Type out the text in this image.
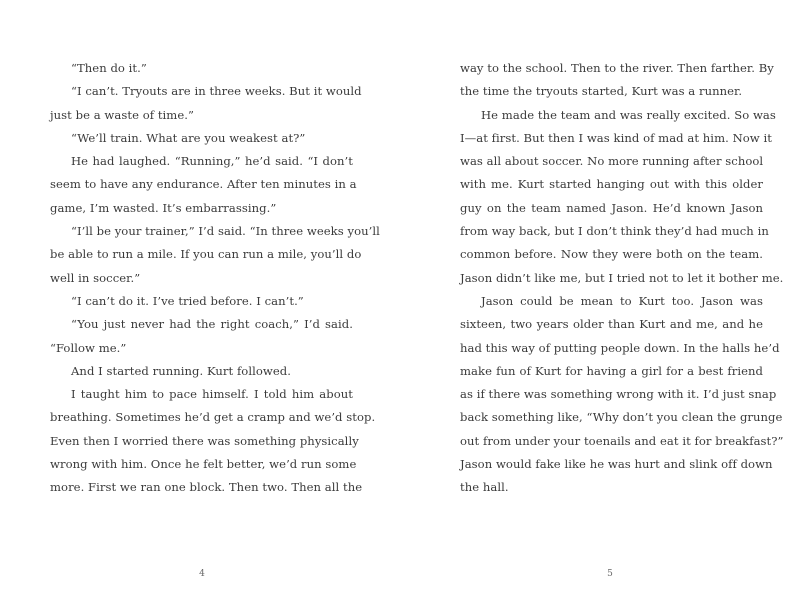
“Then do it.”
“I can’t. Tryouts are in three weeks. But it would
just be a waste of time.”
“We’ll train. What are you weakest at?”
He had laughed. “Running,” he’d said. “I don’t
seem to have any endurance. After ten minutes in a
game, I’m wasted. It’s embarrassing.”
“I’ll be your trainer,” I’d said. “In three weeks you’ll
be able to run a mile. If you can run a mile, you’ll do
well in soccer.”
“I can’t do it. I’ve tried before. I can’t.”
“You just never had the right coach,” I’d said.
“Follow me.”
And I started running. Kurt followed.
I taught him to pace himself. I told him about
breathing. Sometimes he’d get a cramp and we’d stop.
Even then I worried there was something physically
wrong with him. Once he felt better, we’d run some
more. First we ran one block. Then two. Then all the
4
way to the school. Then to the river. Then farther. By
the time the tryouts started, Kurt was a runner.
He made the team and was really excited. So was
I—at first. But then I was kind of mad at him. Now it
was all about soccer. No more running after school
with me. Kurt started hanging out with this older
guy on the team named Jason. He’d known Jason
from way back, but I don’t think they’d had much in
common before. Now they were both on the team.
Jason didn’t like me, but I tried not to let it bother me.
Jason could be mean to Kurt too. Jason was
sixteen, two years older than Kurt and me, and he
had this way of putting people down. In the halls he’d
make fun of Kurt for having a girl for a best friend
as if there was something wrong with it. I’d just snap
back something like, “Why don’t you clean the grunge
out from under your toenails and eat it for breakfast?”
Jason would fake like he was hurt and slink off down
the hall.
5
